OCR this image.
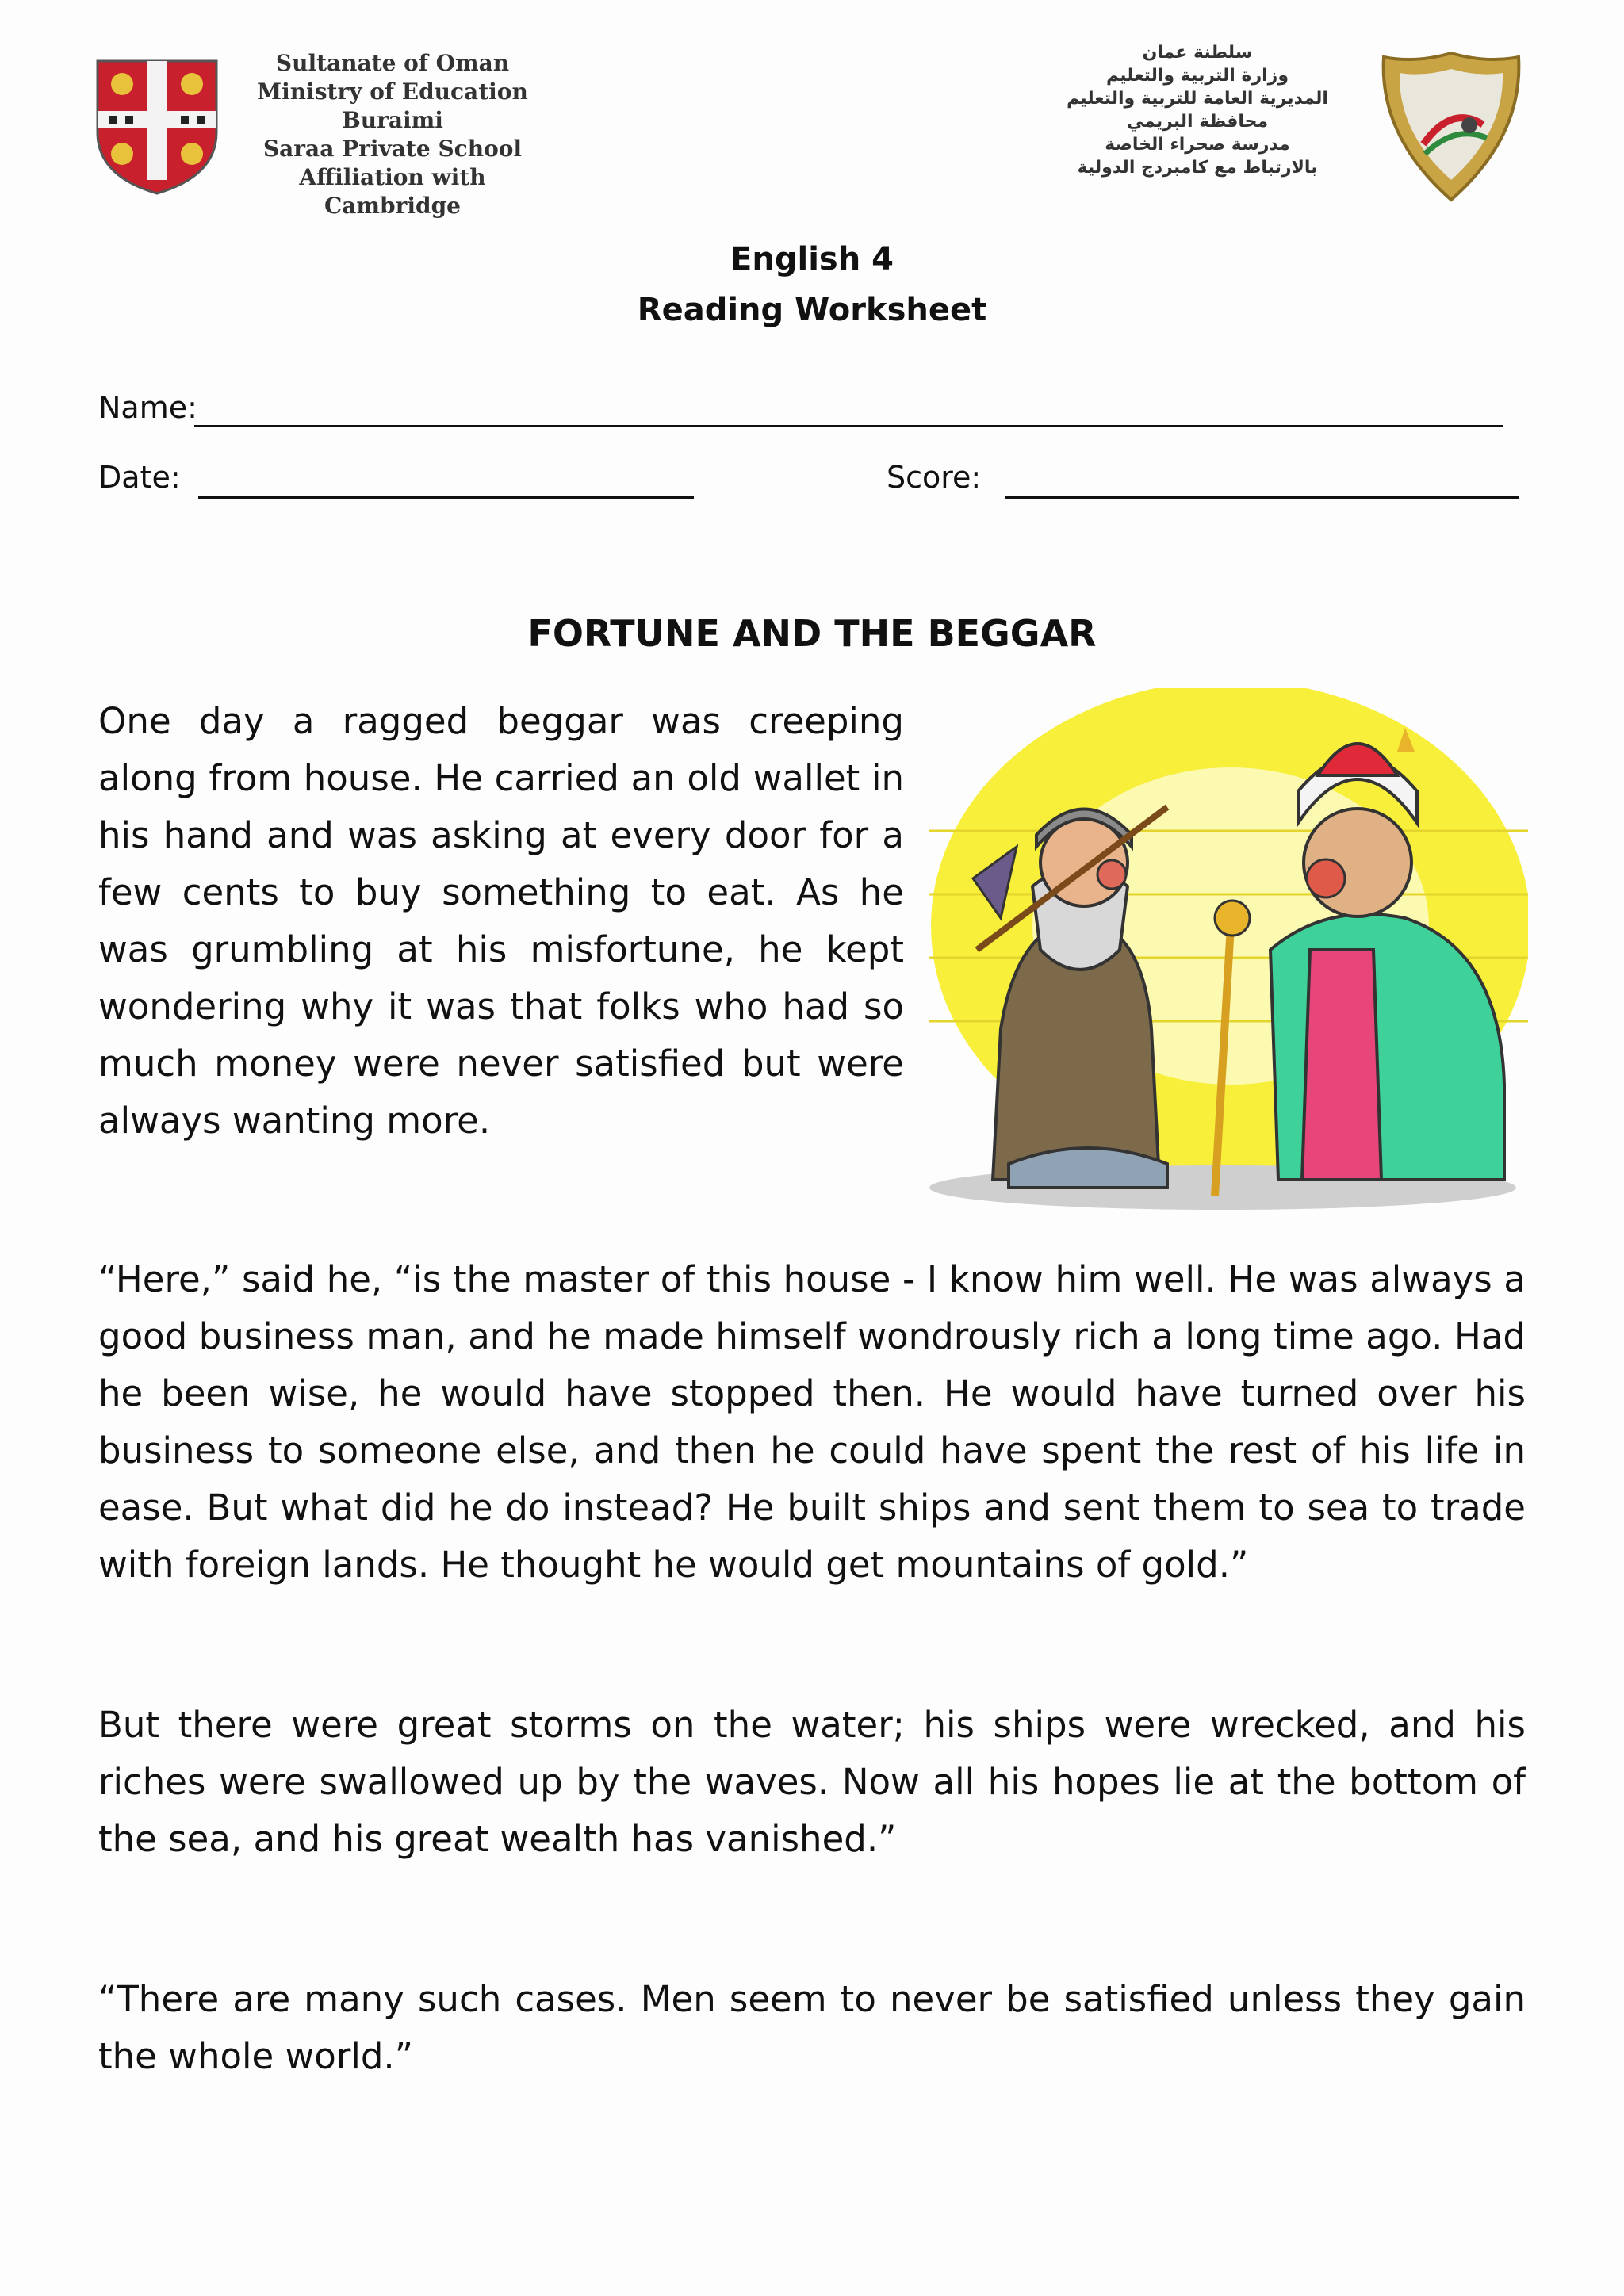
Sultanate of Oman
Ministry of Education
Buraimi
Saraa Private School
Affiliation with Cambridge
سلطنة عمان
وزارة التربية والتعليم
المديرية العامة للتربية والتعليم
محافظة البريمي
مدرسة صحراء الخاصة
بالارتباط مع كامبردج الدولية
English 4
Reading Worksheet
Name:
Date:	Score:
FORTUNE AND THE BEGGAR
One day a ragged beggar was creeping along from house. He carried an old wallet in his hand and was asking at every door for a few cents to buy something to eat. As he was grumbling at his misfortune, he kept wondering why it was that folks who had so much money were never satisfied but were always wanting more.
“Here,” said he, “is the master of this house - I know him well. He was always a good business man, and he made himself wondrously rich a long time ago. Had he been wise, he would have stopped then. He would have turned over his business to someone else, and then he could have spent the rest of his life in ease. But what did he do instead? He built ships and sent them to sea to trade with foreign lands. He thought he would get mountains of gold.”
But there were great storms on the water; his ships were wrecked, and his riches were swallowed up by the waves. Now all his hopes lie at the bottom of the sea, and his great wealth has vanished.”
“There are many such cases. Men seem to never be satisfied unless they gain the whole world.”
